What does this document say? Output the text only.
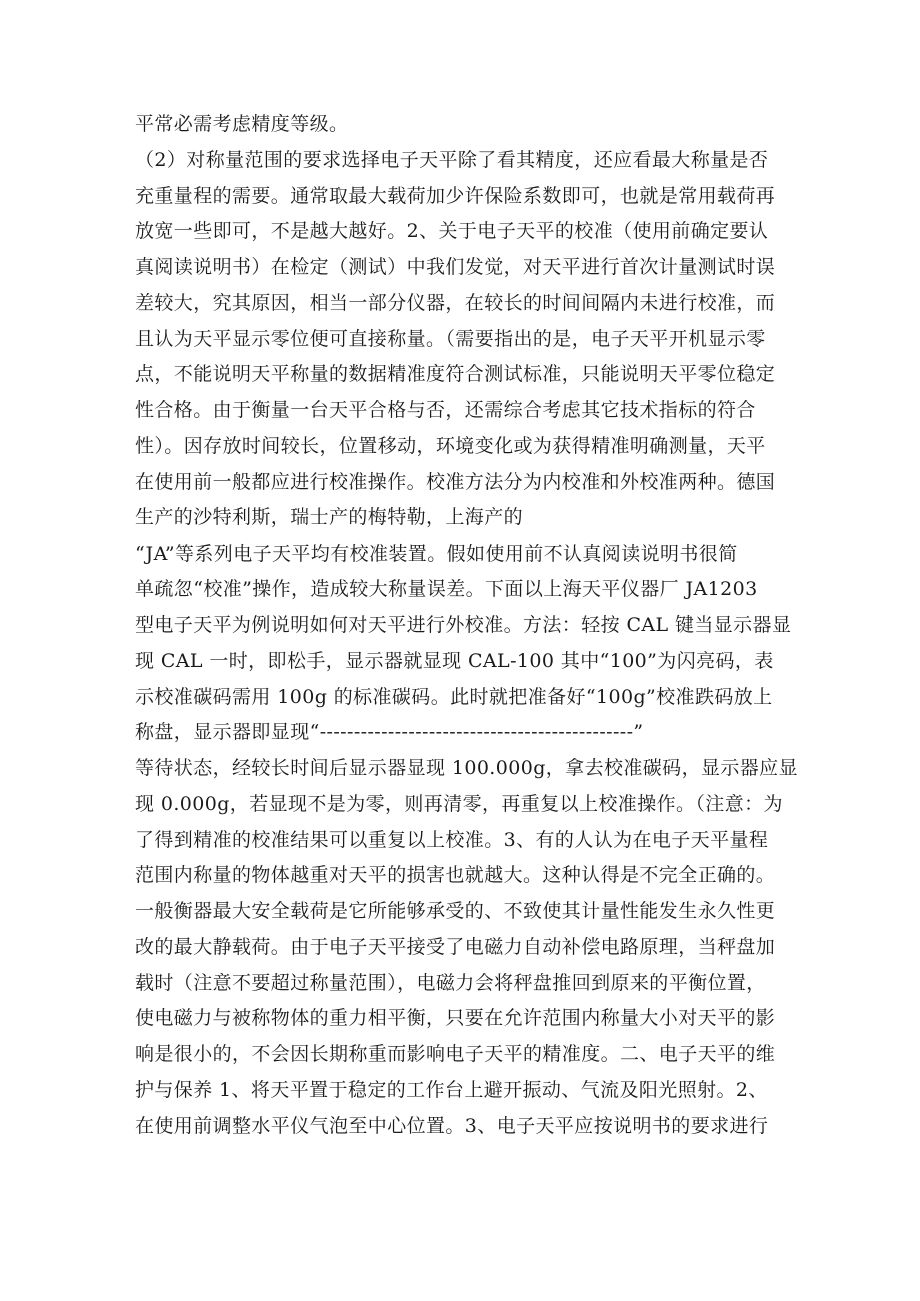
平常必需考虑精度等级。
（2）对称量范围的要求选择电子天平除了看其精度，还应看最大称量是否
充重量程的需要。通常取最大载荷加少许保险系数即可，也就是常用载荷再
放宽一些即可，不是越大越好。2、关于电子天平的校准（使用前确定要认
真阅读说明书）在检定（测试）中我们发觉，对天平进行首次计量测试时误
差较大，究其原因，相当一部分仪器，在较长的时间间隔内未进行校准，而
且认为天平显示零位便可直接称量。（需要指出的是，电子天平开机显示零
点，不能说明天平称量的数据精准度符合测试标准，只能说明天平零位稳定
性合格。由于衡量一台天平合格与否，还需综合考虑其它技术指标的符合
性）。因存放时间较长，位置移动，环境变化或为获得精准明确测量，天平
在使用前一般都应进行校准操作。校准方法分为内校准和外校准两种。德国
生产的沙特利斯，瑞士产的梅特勒，上海产的
“JA”等系列电子天平均有校准装置。假如使用前不认真阅读说明书很简
单疏忽“校准”操作，造成较大称量误差。下面以上海天平仪器厂 JA1203
型电子天平为例说明如何对天平进行外校准。方法：轻按 CAL 键当显示器显
现 CAL 一时，即松手，显示器就显现 CAL-100 其中“100”为闪亮码，表
示校准碳码需用 100g 的标准碳码。此时就把准备好“100g”校准跌码放上
称盘，显示器即显现“----------------------------------------------”
等待状态，经较长时间后显示器显现 100.000g，拿去校准碳码，显示器应显
现 0.000g，若显现不是为零，则再清零，再重复以上校准操作。（注意：为
了得到精准的校准结果可以重复以上校准。3、有的人认为在电子天平量程
范围内称量的物体越重对天平的损害也就越大。这种认得是不完全正确的。
一般衡器最大安全载荷是它所能够承受的、不致使其计量性能发生永久性更
改的最大静载荷。由于电子天平接受了电磁力自动补偿电路原理，当秤盘加
载时（注意不要超过称量范围），电磁力会将秤盘推回到原来的平衡位置，
使电磁力与被称物体的重力相平衡，只要在允许范围内称量大小对天平的影
响是很小的，不会因长期称重而影响电子天平的精准度。二、电子天平的维
护与保养 1、将天平置于稳定的工作台上避开振动、气流及阳光照射。2、
在使用前调整水平仪气泡至中心位置。3、电子天平应按说明书的要求进行
